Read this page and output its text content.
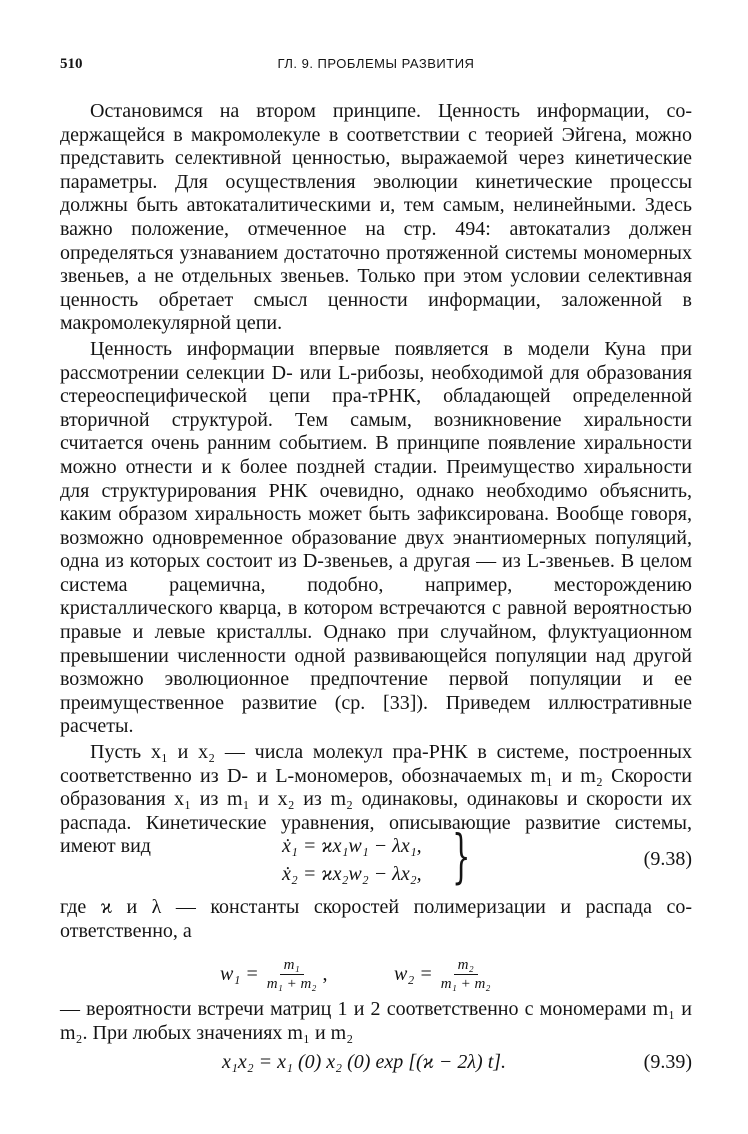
510	ГЛ. 9. ПРОБЛЕМЫ РАЗВИТИЯ

Остановимся на втором принципе. Ценность информации, содержащейся в макромолекуле в соответствии с теорией Эйгена, можно представить селективной ценностью, выражаемой через кинетические параметры. Для осуществления эволюции кинетические процессы должны быть автокаталитическими и, тем самым, нелинейными. Здесь важно положение, отмеченное на стр. 494: автокатализ должен определяться узнаванием достаточно протяженной системы мономерных звеньев, а не отдельных звеньев. Только при этом условии селективная ценность обретает смысл ценности информации, заложенной в макромолекулярной цепи.

Ценность информации впервые появляется в модели Куна при рассмотрении селекции D- или L-рибозы, необходимой для образования стереоспецифической цепи пра-тРНК, обладающей определенной вторичной структурой. Тем самым, возникновение хиральности считается очень ранним событием. В принципе появление хиральности можно отнести и к более поздней стадии. Преимущество хиральности для структурирования РНК очевидно, однако необходимо объяснить, каким образом хиральность может быть зафиксирована. Вообще говоря, возможно одновременное образование двух энантиомерных популяций, одна из которых состоит из D-звеньев, а другая — из L-звеньев. В целом система рацемична, подобно, например, месторождению кристаллического кварца, в котором встречаются с равной вероятностью правые и левые кристаллы. Однако при случайном, флуктуационном превышении численности одной развивающейся популяции над другой возможно эволюционное предпочтение первой популяции и ее преимущественное развитие (ср. [33]). Приведем иллюстративные расчеты.

Пусть x₁ и x₂ — числа молекул пра-РНК в системе, построенных соответственно из D- и L-мономеров, обозначаемых m₁ и m₂ Скорости образования x₁ из m₁ и x₂ из m₂ одинаковы, одинаковы и скорости их распада. Кинетические уравнения, описывающие развитие системы, имеют вид	ẋ₁ = ϰx₁w₁ − λx₁,
ẋ₂ = ϰx₂w₂ − λx₂, }	(9.38)

где ϰ и λ — константы скоростей полимеризации и распада соответственно, а

$w_1 = \frac{\text{m₁}}{\text{m₁ + m₂}}$ ,	$w_2 = \frac{\text{m₂}}{\text{m₁ + m₂}}$

— вероятности встречи матриц 1 и 2 соответственно с мономерами m₁ и m₂. При любых значениях m₁ и m₂

x₁x₂ = x₁ (0) x₂ (0) exp [(ϰ − 2λ) t].	(9.39)
